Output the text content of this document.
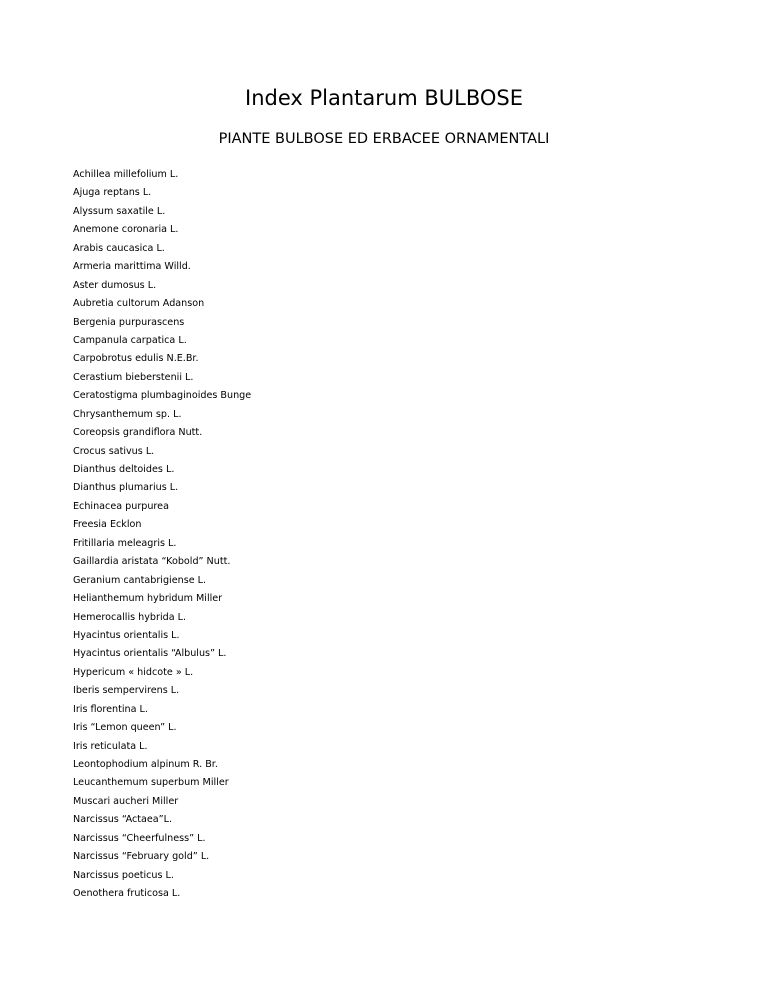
Index Plantarum BULBOSE
PIANTE BULBOSE ED ERBACEE ORNAMENTALI
Achillea millefolium L.
Ajuga reptans L.
Alyssum saxatile L.
Anemone coronaria L.
Arabis caucasica L.
Armeria marittima Willd.
Aster dumosus L.
Aubretia cultorum Adanson
Bergenia purpurascens
Campanula carpatica L.
Carpobrotus edulis N.E.Br.
Cerastium bieberstenii L.
Ceratostigma plumbaginoides Bunge
Chrysanthemum sp. L.
Coreopsis grandiflora Nutt.
Crocus sativus L.
Dianthus deltoides L.
Dianthus plumarius L.
Echinacea purpurea
Freesia Ecklon
Fritillaria meleagris L.
Gaillardia aristata “Kobold” Nutt.
Geranium cantabrigiense L.
Helianthemum hybridum Miller
Hemerocallis hybrida L.
Hyacintus orientalis L.
Hyacintus orientalis “Albulus” L.
Hypericum « hidcote » L.
Iberis sempervirens L.
Iris florentina L.
Iris “Lemon queen” L.
Iris reticulata L.
Leontophodium alpinum R. Br.
Leucanthemum superbum Miller
Muscari aucheri Miller
Narcissus “Actaea”L.
Narcissus “Cheerfulness” L.
Narcissus “February gold” L.
Narcissus poeticus L.
Oenothera fruticosa L.
